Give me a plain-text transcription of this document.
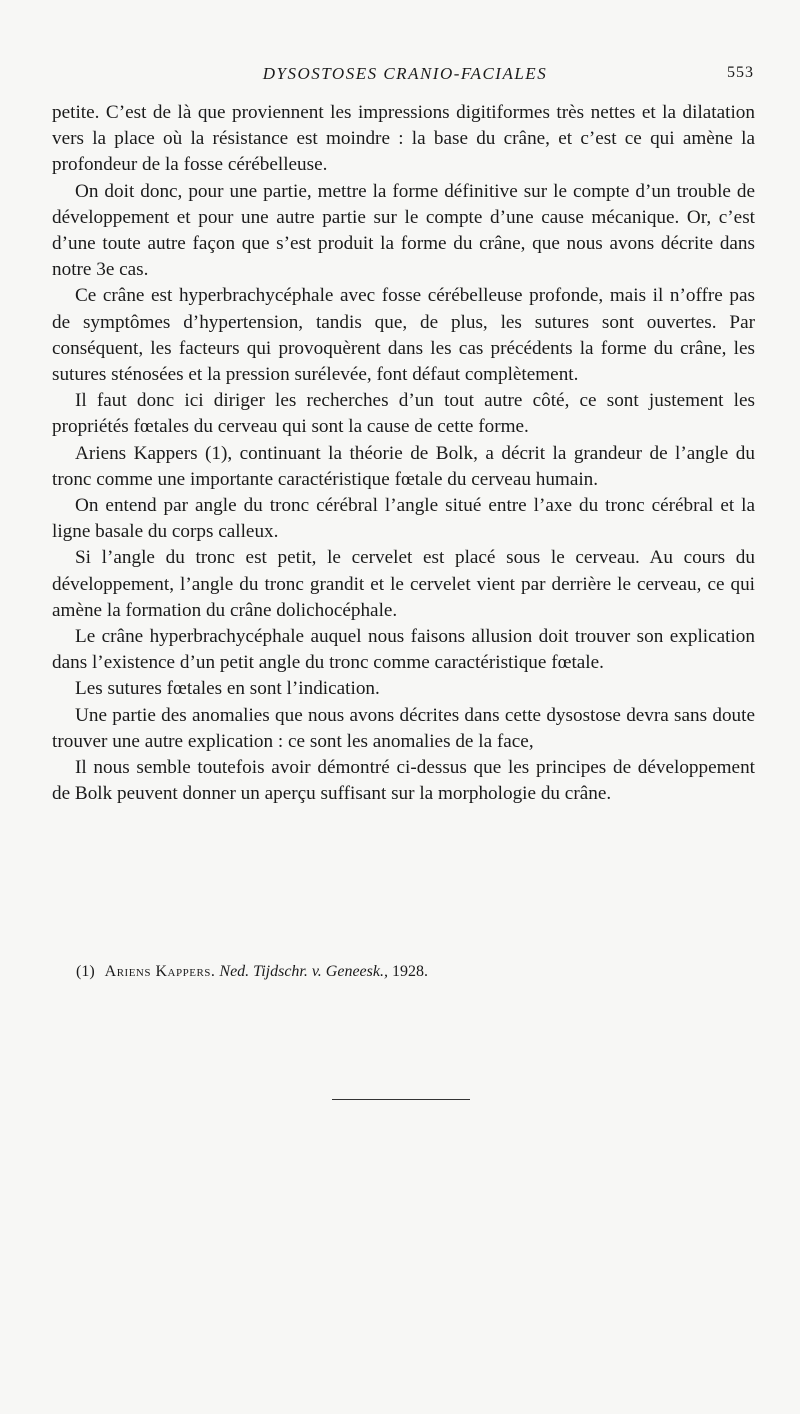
DYSOSTOSES CRANIO-FACIALES	553

petite. C’est de là que proviennent les impressions digitiformes très nettes et la dilatation vers la place où la résistance est moindre : la base du crâne, et c’est ce qui amène la profondeur de la fosse cérébelleuse.

On doit donc, pour une partie, mettre la forme définitive sur le compte d’un trouble de développement et pour une autre partie sur le compte d’une cause mécanique. Or, c’est d’une toute autre façon que s’est produit la forme du crâne, que nous avons décrite dans notre 3e cas.

Ce crâne est hyperbrachycéphale avec fosse cérébelleuse profonde, mais il n’offre pas de symptômes d’hypertension, tandis que, de plus, les sutures sont ouvertes. Par conséquent, les facteurs qui provoquèrent dans les cas précédents la forme du crâne, les sutures sténosées et la pression surélevée, font défaut complètement.

Il faut donc ici diriger les recherches d’un tout autre côté, ce sont justement les propriétés fœtales du cerveau qui sont la cause de cette forme.

Ariens Kappers (1), continuant la théorie de Bolk, a décrit la grandeur de l’angle du tronc comme une importante caractéristique fœtale du cerveau humain.

On entend par angle du tronc cérébral l’angle situé entre l’axe du tronc cérébral et la ligne basale du corps calleux.

Si l’angle du tronc est petit, le cervelet est placé sous le cerveau. Au cours du développement, l’angle du tronc grandit et le cervelet vient par derrière le cerveau, ce qui amène la formation du crâne dolichocéphale.

Le crâne hyperbrachycéphale auquel nous faisons allusion doit trouver son explication dans l’existence d’un petit angle du tronc comme caractéristique fœtale.

Les sutures fœtales en sont l’indication.

Une partie des anomalies que nous avons décrites dans cette dysostose devra sans doute trouver une autre explication : ce sont les anomalies de la face,

Il nous semble toutefois avoir démontré ci-dessus que les principes de développement de Bolk peuvent donner un aperçu suffisant sur la morphologie du crâne.

(1) Ariens Kappers. Ned. Tijdschr. v. Geneesk., 1928.
